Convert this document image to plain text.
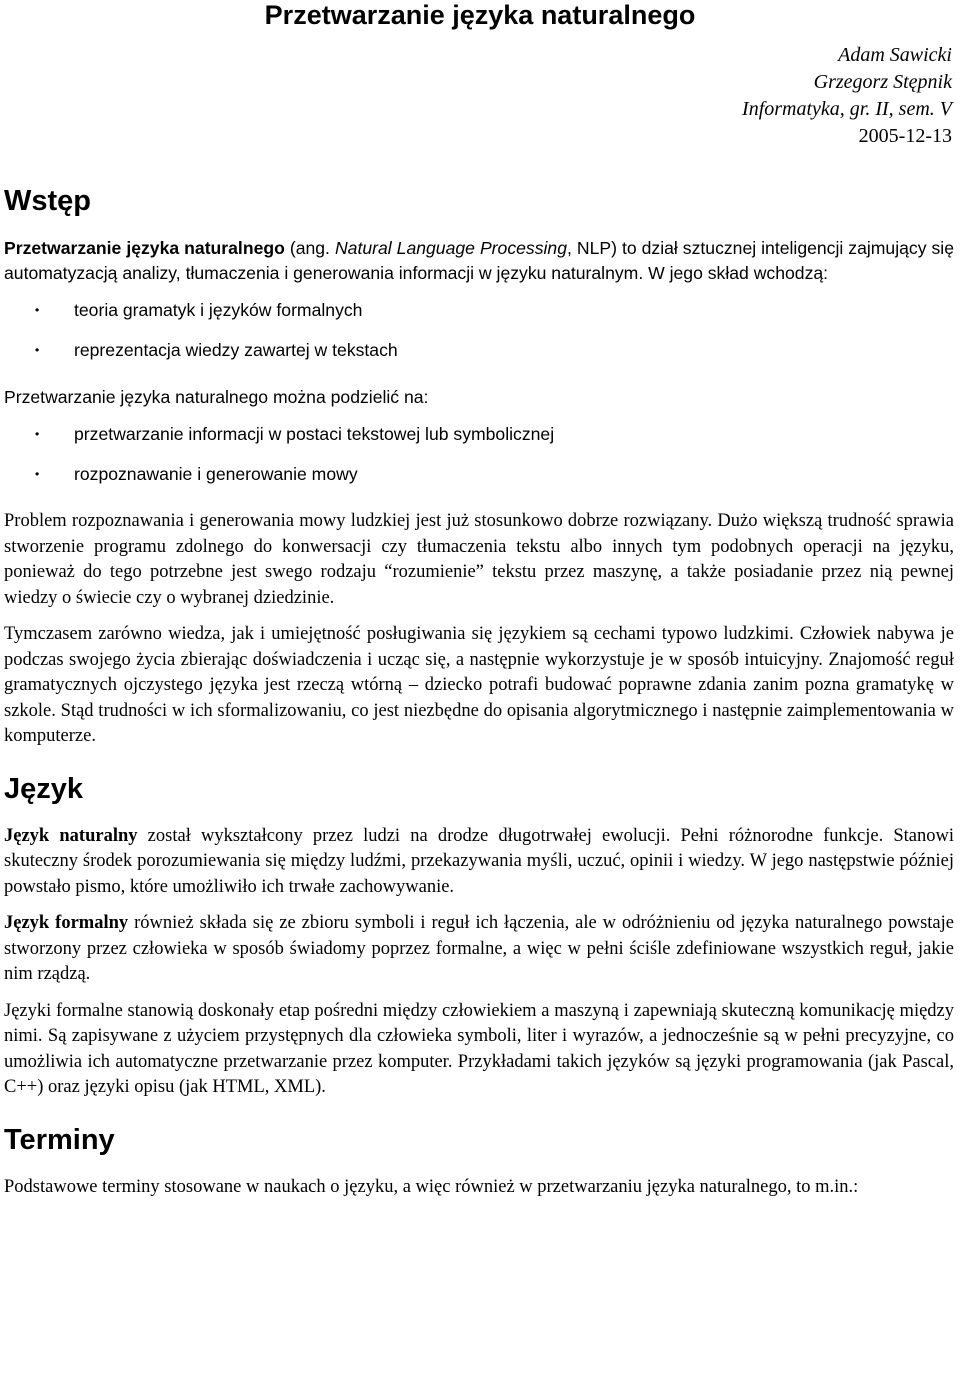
Przetwarzanie języka naturalnego
Adam Sawicki
Grzegorz Stępnik
Informatyka, gr. II, sem. V
2005-12-13
Wstęp

Przetwarzanie języka naturalnego (ang. Natural Language Processing, NLP) to dział sztucznej inteligencji zajmujący się automatyzacją analizy, tłumaczenia i generowania informacji w języku naturalnym. W jego skład wchodzą:

• teoria gramatyk i języków formalnych
• reprezentacja wiedzy zawartej w tekstach

Przetwarzanie języka naturalnego można podzielić na:

• przetwarzanie informacji w postaci tekstowej lub symbolicznej
• rozpoznawanie i generowanie mowy

Problem rozpoznawania i generowania mowy ludzkiej jest już stosunkowo dobrze rozwiązany. Dużo większą trudność sprawia stworzenie programu zdolnego do konwersacji czy tłumaczenia tekstu albo innych tym podobnych operacji na języku, ponieważ do tego potrzebne jest swego rodzaju “rozumienie” tekstu przez maszynę, a także posiadanie przez nią pewnej wiedzy o świecie czy o wybranej dziedzinie.

Tymczasem zarówno wiedza, jak i umiejętność posługiwania się językiem są cechami typowo ludzkimi. Człowiek nabywa je podczas swojego życia zbierając doświadczenia i ucząc się, a następnie wykorzystuje je w sposób intuicyjny. Znajomość reguł gramatycznych ojczystego języka jest rzeczą wtórną – dziecko potrafi budować poprawne zdania zanim pozna gramatykę w szkole. Stąd trudności w ich sformalizowaniu, co jest niezbędne do opisania algorytmicznego i następnie zaimplementowania w komputerze.

Język

Język naturalny został wykształcony przez ludzi na drodze długotrwałej ewolucji. Pełni różnorodne funkcje. Stanowi skuteczny środek porozumiewania się między ludźmi, przekazywania myśli, uczuć, opinii i wiedzy. W jego następstwie później powstało pismo, które umożliwiło ich trwałe zachowywanie.

Język formalny również składa się ze zbioru symboli i reguł ich łączenia, ale w odróżnieniu od języka naturalnego powstaje stworzony przez człowieka w sposób świadomy poprzez formalne, a więc w pełni ściśle zdefiniowane wszystkich reguł, jakie nim rządzą.

Języki formalne stanowią doskonały etap pośredni między człowiekiem a maszyną i zapewniają skuteczną komunikację między nimi. Są zapisywane z użyciem przystępnych dla człowieka symboli, liter i wyrazów, a jednocześnie są w pełni precyzyjne, co umożliwia ich automatyczne przetwarzanie przez komputer. Przykładami takich języków są języki programowania (jak Pascal, C++) oraz języki opisu (jak HTML, XML).

Terminy

Podstawowe terminy stosowane w naukach o języku, a więc również w przetwarzaniu języka naturalnego, to m.in.:
